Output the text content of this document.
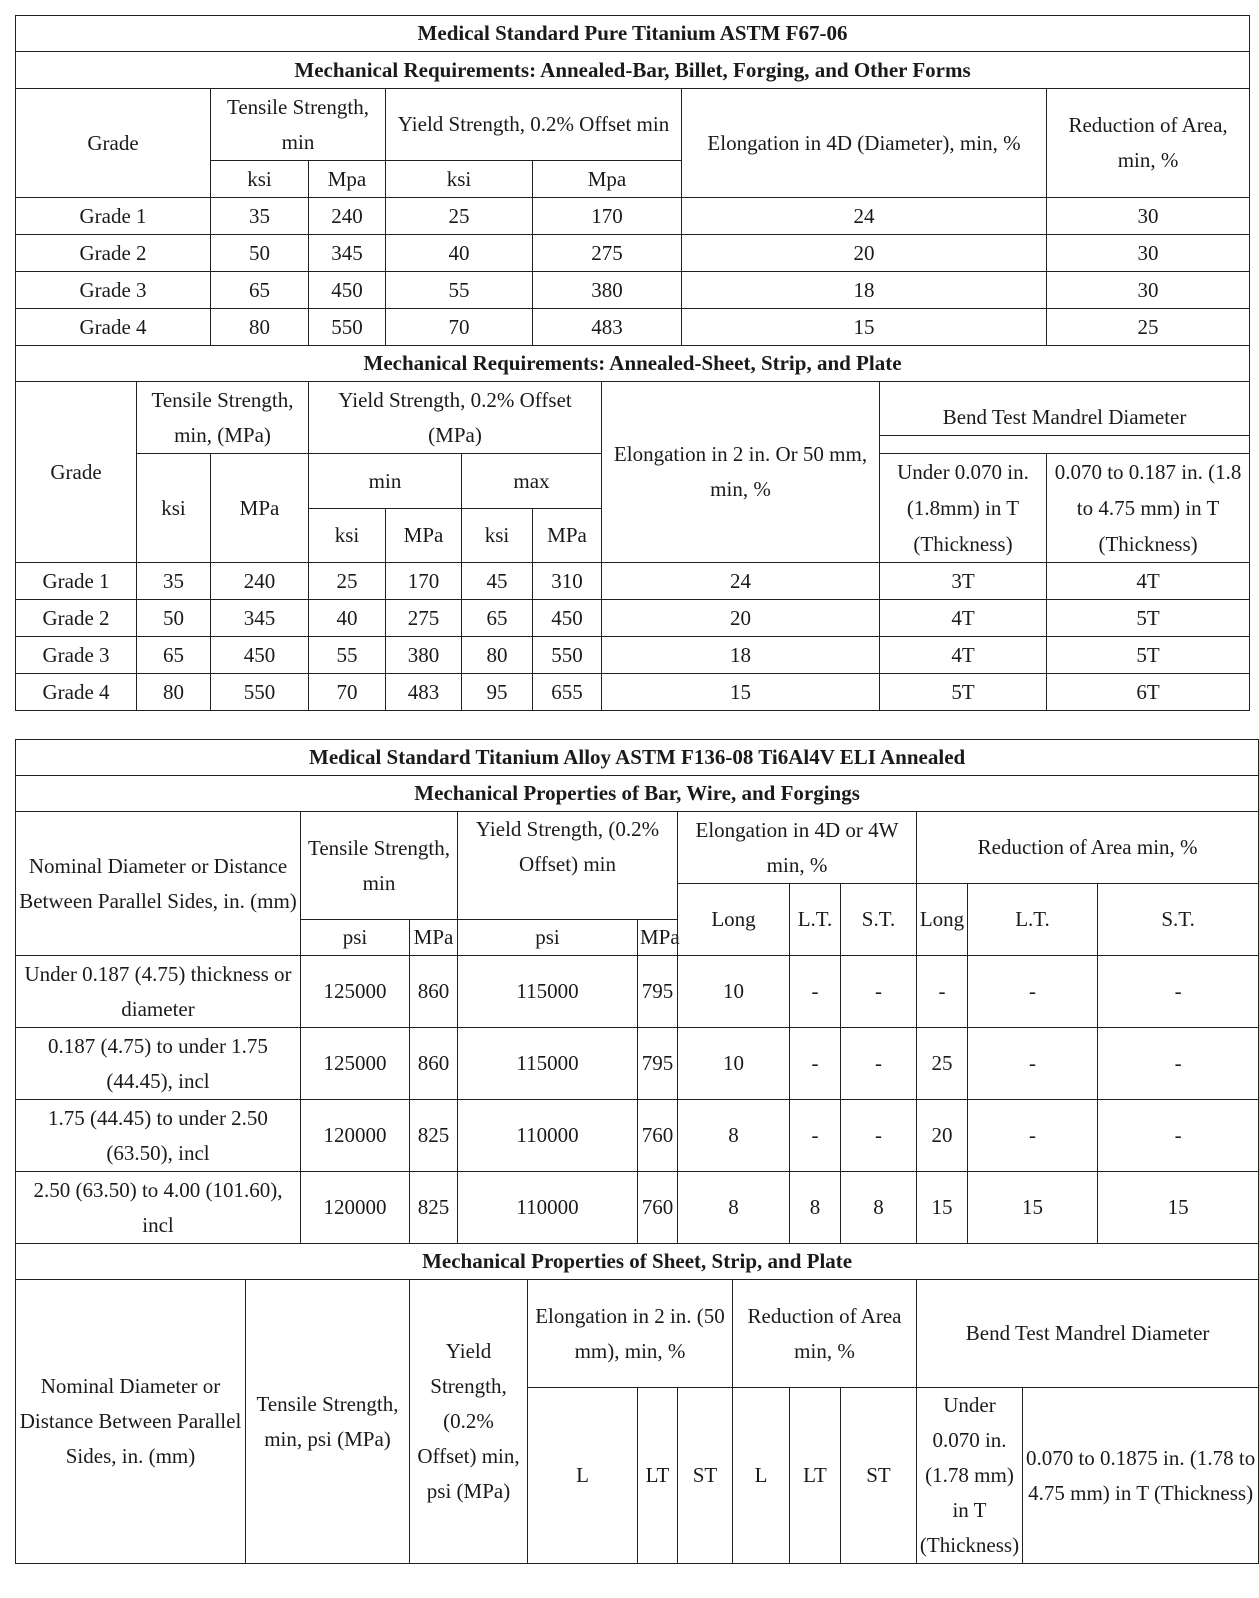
Medical Standard Pure Titanium ASTM F67-06										
Mechanical Requirements: Annealed-Bar, Billet, Forging, and Other Forms										
Grade		Tensile Strength, min		Yield Strength, 0.2% Offset min				Elongation in 4D (Diameter), min, %		Reduction of Area, min, %
		ksi	Mpa	ksi		Mpa				
Grade 1		35	240	25		170		24		30
Grade 2		50	345	40		275		20		30
Grade 3		65	450	55		380		18		30
Grade 4		80	550	70		483		15		25
Mechanical Requirements: Annealed-Sheet, Strip, and Plate										
Grade	Tensile Strength, min, (MPa)		Yield Strength, 0.2% Offset (MPa)				Elongation in 2 in. Or 50 mm, min, %		Bend Test Mandrel Diameter	

	ksi	MPa	min		max				Under 0.070 in. (1.8mm) in T (Thickness)	0.070 to 0.187 in. (1.8 to 4.75 mm) in T (Thickness)
			ksi	MPa	ksi	MPa				
Grade 1	35	240	25	170	45	310	24		3T	4T
Grade 2	50	345	40	275	65	450	20		4T	5T
Grade 3	65	450	55	380	80	550	18		4T	5T
Grade 4	80	550	70	483	95	655	15		5T	6T
Medical Standard Titanium Alloy ASTM F136-08 Ti6Al4V ELI Annealed														
Mechanical Properties of Bar, Wire, and Forgings														
Nominal Diameter or Distance Between Parallel Sides, in. (mm)		Tensile Strength, min		Yield Strength, (0.2% Offset) min			Elongation in 4D or 4W min, %				Reduction of Area min, %			
							Long		L.T.	S.T.	Long	L.T.		S.T.
		psi	MPa	psi		MPa								
Under 0.187 (4.75) thickness or diameter		125000	860	115000		795	10		-	-	-	-		-
0.187 (4.75) to under 1.75 (44.45), incl		125000	860	115000		795	10		-	-	25	-		-
1.75 (44.45) to under 2.50 (63.50), incl		120000	825	110000		760	8		-	-	20	-		-
2.50 (63.50) to 4.00 (101.60), incl		120000	825	110000		760	8		8	8	15	15		15
Mechanical Properties of Sheet, Strip, and Plate														
Nominal Diameter or Distance Between Parallel Sides, in. (mm)	Tensile Strength, min, psi (MPa)		Yield Strength, (0.2% Offset) min, psi (MPa)		Elongation in 2 in. (50 mm), min, %			Reduction of Area min, %			Bend Test Mandrel Diameter			
					L	LT	ST	L	LT	ST	Under 0.070 in. (1.78 mm) in T (Thickness)		0.070 to 0.1875 in. (1.78 to 4.75 mm) in T (Thickness)	
